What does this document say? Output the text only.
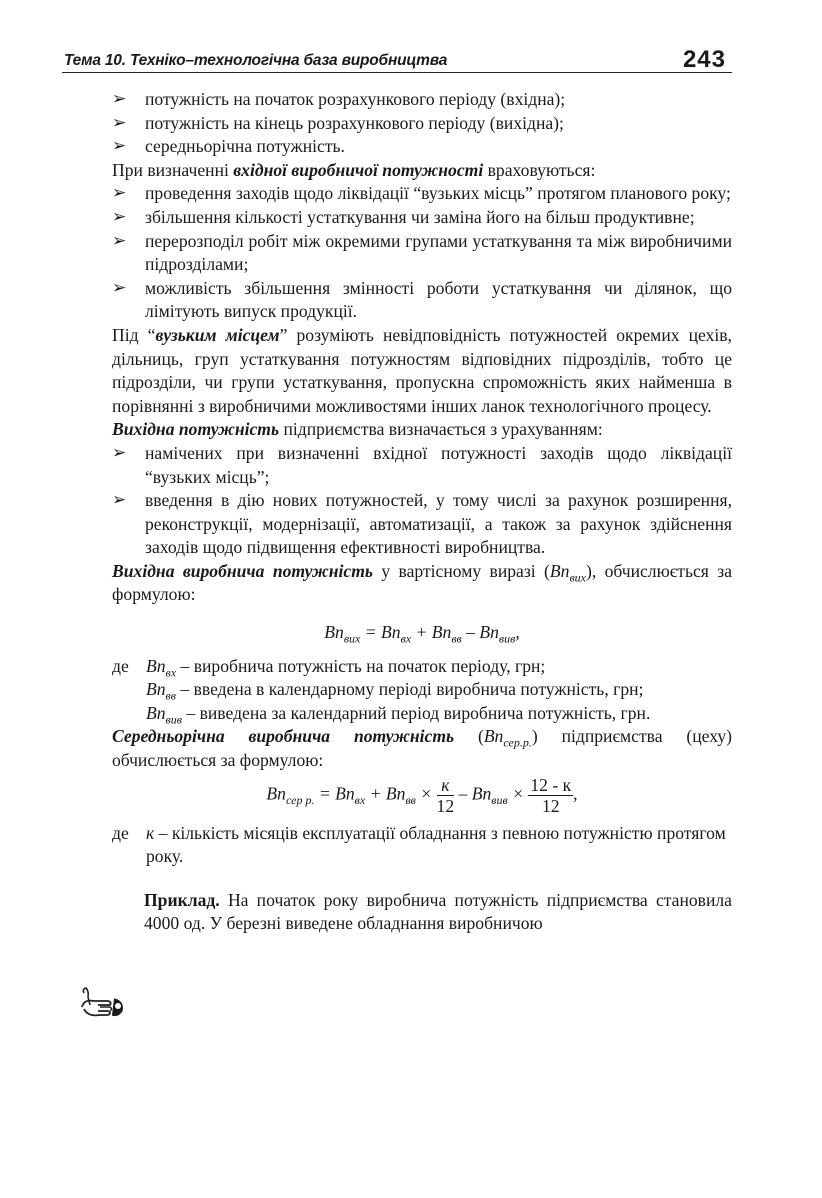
Тема 10. Техніко–технологічна база виробництва	243
➢ потужність на початок розрахункового періоду (вхідна);
➢ потужність на кінець розрахункового періоду (вихідна);
➢ середньорічна потужність.
При визначенні вхідної виробничої потужності враховуються:
➢ проведення заходів щодо ліквідації “вузьких місць” протягом планового року;
➢ збільшення кількості устаткування чи заміна його на більш продуктивне;
➢ перерозподіл робіт між окремими групами устаткування та між виробничими підрозділами;
➢ можливість збільшення змінності роботи устаткування чи ділянок, що лімітують випуск продукції.
Під “вузьким місцем” розуміють невідповідність потужностей окремих цехів, дільниць, груп устаткування потужностям відповідних підрозділів, тобто це підрозділи, чи групи устаткування, пропускна спроможність яких найменша в порівнянні з виробничими можливостями інших ланок технологічного процесу.
Вихідна потужність підприємства визначається з урахуванням:
➢ намічених при визначенні вхідної потужності заходів щодо ліквідації “вузьких місць”;
➢ введення в дію нових потужностей, у тому числі за рахунок розширення, реконструкції, модернізації, автоматизації, а також за рахунок здійснення заходів щодо підвищення ефективності виробництва.
Вихідна виробнича потужність у вартісному виразі $(Вп_{вих})$, обчислюється за формулою:
$Вп_{вих} = Вп_{вх} + Вп_{вв} - Вп_{вив}$,
де $Вп_{вх}$ – виробнича потужність на початок періоду, грн;
$Вп_{вв}$ – введена в календарному періоді виробнича потужність, грн;
$Вп_{вив}$ – виведена за календарний період виробнича потужність, грн.
Середньорічна виробнича потужність $(Вп_{сер.р.})$ підприємства (цеху) обчислюється за формулою:
$Вп_{сер р.} = Вп_{вх} + Вп_{вв} \times \frac{к}{12} - Вп_{вив} \times \frac{12 - к}{12}$ ,
де к – кількість місяців експлуатації обладнання з певною потужністю протягом року.
Приклад. На початок року виробнича потужність підприємства становила 4000 од. У березні виведене обладнання виробничою
